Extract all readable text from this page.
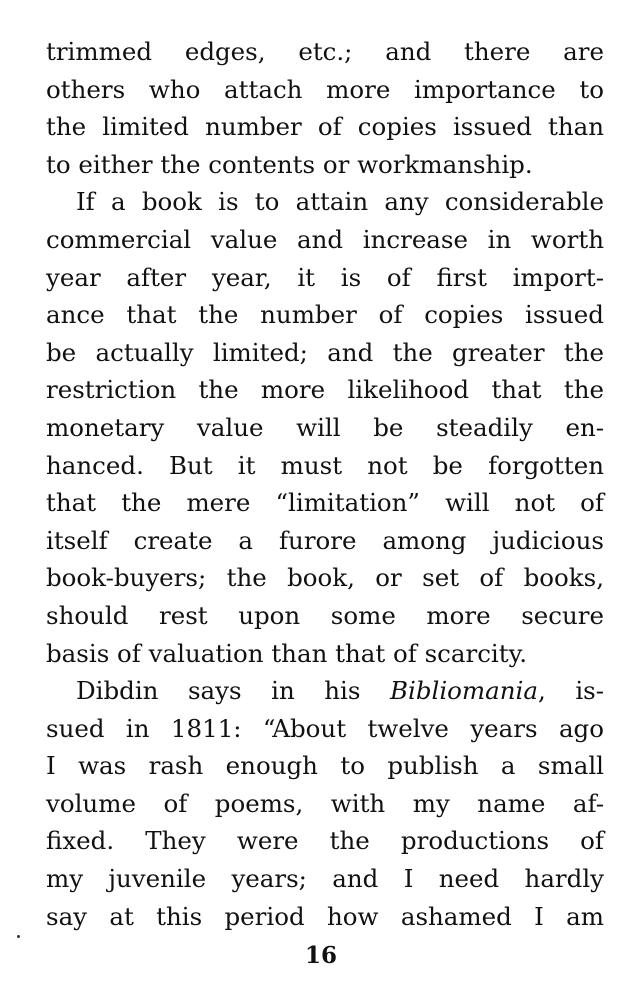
trimmed edges, etc.; and there are
others who attach more importance to
the limited number of copies issued than
to either the contents or workmanship.
If a book is to attain any considerable
commercial value and increase in worth
year after year, it is of first import-
ance that the number of copies issued
be actually limited; and the greater the
restriction the more likelihood that the
monetary value will be steadily en-
hanced. But it must not be forgotten
that the mere “limitation” will not of
itself create a furore among judicious
book-buyers; the book, or set of books,
should rest upon some more secure
basis of valuation than that of scarcity.
Dibdin says in his Bibliomania, is-
sued in 1811: “About twelve years ago
I was rash enough to publish a small
volume of poems, with my name af-
fixed. They were the productions of
my juvenile years; and I need hardly
say at this period how ashamed I am
16
